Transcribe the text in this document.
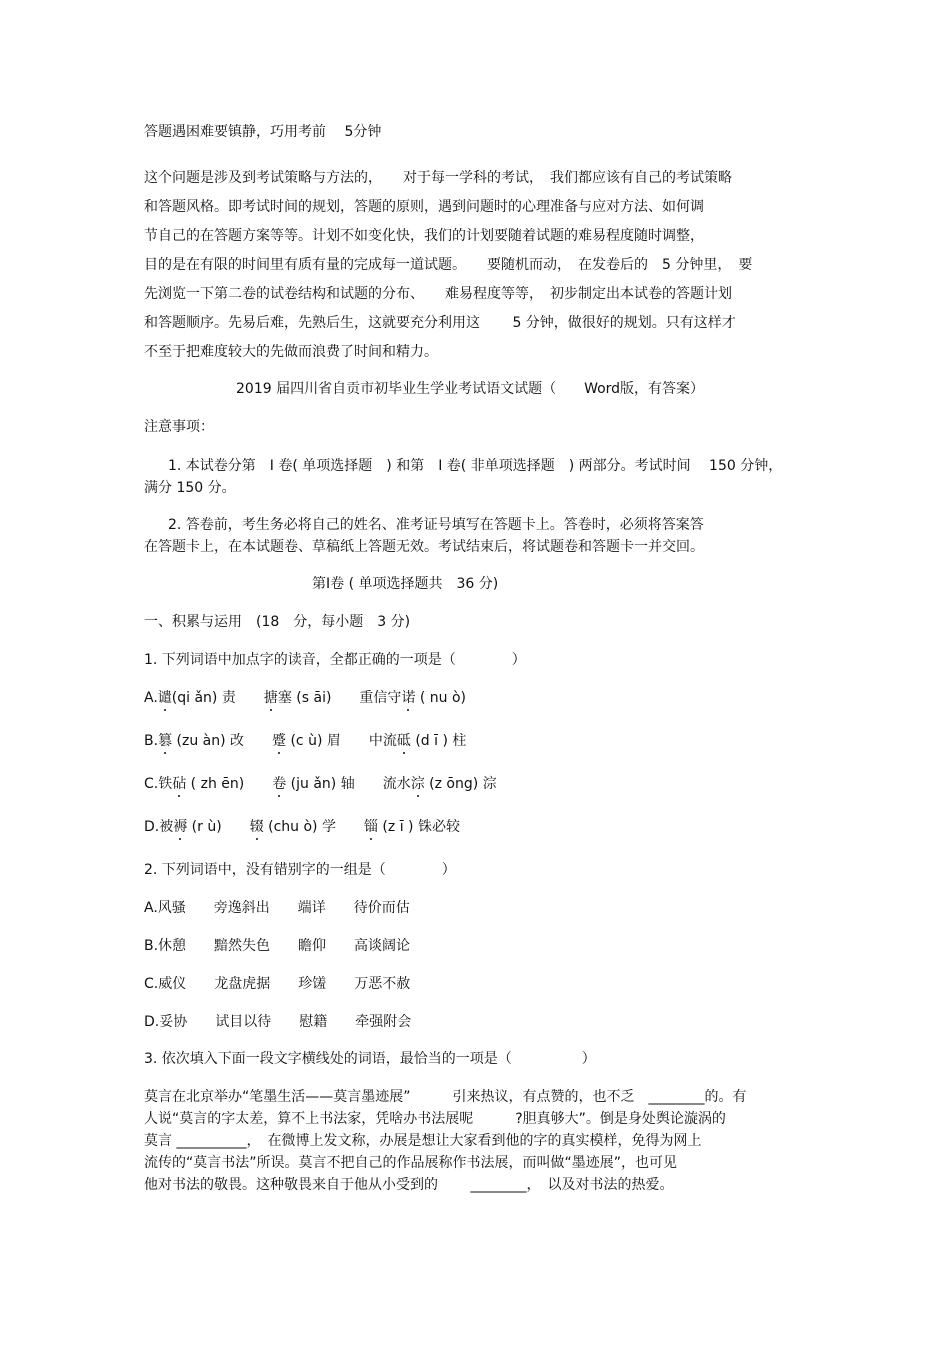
答题遇困难要镇静，巧用考前　 5分钟
这个问题是涉及到考试策略与方法的，　　对于每一学科的考试，　我们都应该有自己的考试策略
和答题风格。即考试时间的规划，答题的原则，遇到问题时的心理准备与应对方法、如何调
节自己的在答题方案等等。计划不如变化快，我们的计划要随着试题的难易程度随时调整，
目的是在有限的时间里有质有量的完成每一道试题。　　要随机而动，　在发卷后的　5 分钟里，　要
先浏览一下第二卷的试卷结构和试题的分布、　　难易程度等等，　初步制定出本试卷的答题计划
和答题顺序。先易后难，先熟后生，这就要充分利用这　　 5 分钟，做很好的规划。只有这样才
不至于把难度较大的先做而浪费了时间和精力。
2019 届四川省自贡市初毕业生学业考试语文试题（　　Word版，有答案）
注意事项：
1. 本试卷分第　Ⅰ 卷( 单项选择题　) 和第　Ⅰ 卷( 非单项选择题　) 两部分。考试时间　 150 分钟，
满分 150 分。
2. 答卷前，考生务必将自己的姓名、准考证号填写在答题卡上。答卷时，必须将答案答
在答题卡上，在本试题卷、草稿纸上答题无效。考试结束后，将试题卷和答题卡一并交回。
第Ⅰ卷 ( 单项选择题共　36 分)
一、积累与运用　(18　分，每小题　3 分)
1. 下列词语中加点字的读音，全都正确的一项是（　　　　）
A.谴(qi ǎn) 责　　搪塞 (s āi)　　重信守诺 ( nu ò)
B.篡 (zu àn) 改　　蹙 (c ù) 眉　　中流砥 (d ī ) 柱
C.铁砧 ( zh ēn)　　卷 (ju ǎn) 轴　　流水淙 (z ōng) 淙
D.被褥 (r ù)　　辍 (chu ò) 学　　锱 (z ī ) 铢必较
2. 下列词语中，没有错别字的一组是（　　　　）
A.风骚　　旁逸斜出　　端详　　待价而估
B.休憩　　黯然失色　　瞻仰　　高谈阔论
C.威仪　　龙盘虎据　　珍馐　　万恶不赦
D.妥协　　试目以待　　慰籍　　牵强附会
3. 依次填入下面一段文字横线处的词语，最恰当的一项是（　　　　　）
莫言在北京举办“笔墨生活——莫言墨迹展”　　　引来热议，有点赞的，也不乏　________的。有
人说“莫言的字太差，算不上书法家，凭啥办书法展呢　　　?胆真够大”。倒是身处舆论漩涡的
莫言 __________，　在微博上发文称，办展是想让大家看到他的字的真实模样，免得为网上
流传的“莫言书法”所误。莫言不把自己的作品展称作书法展，而叫做“墨迹展”，也可见
他对书法的敬畏。这种敬畏来自于他从小受到的　　 ________，　以及对书法的热爱。
